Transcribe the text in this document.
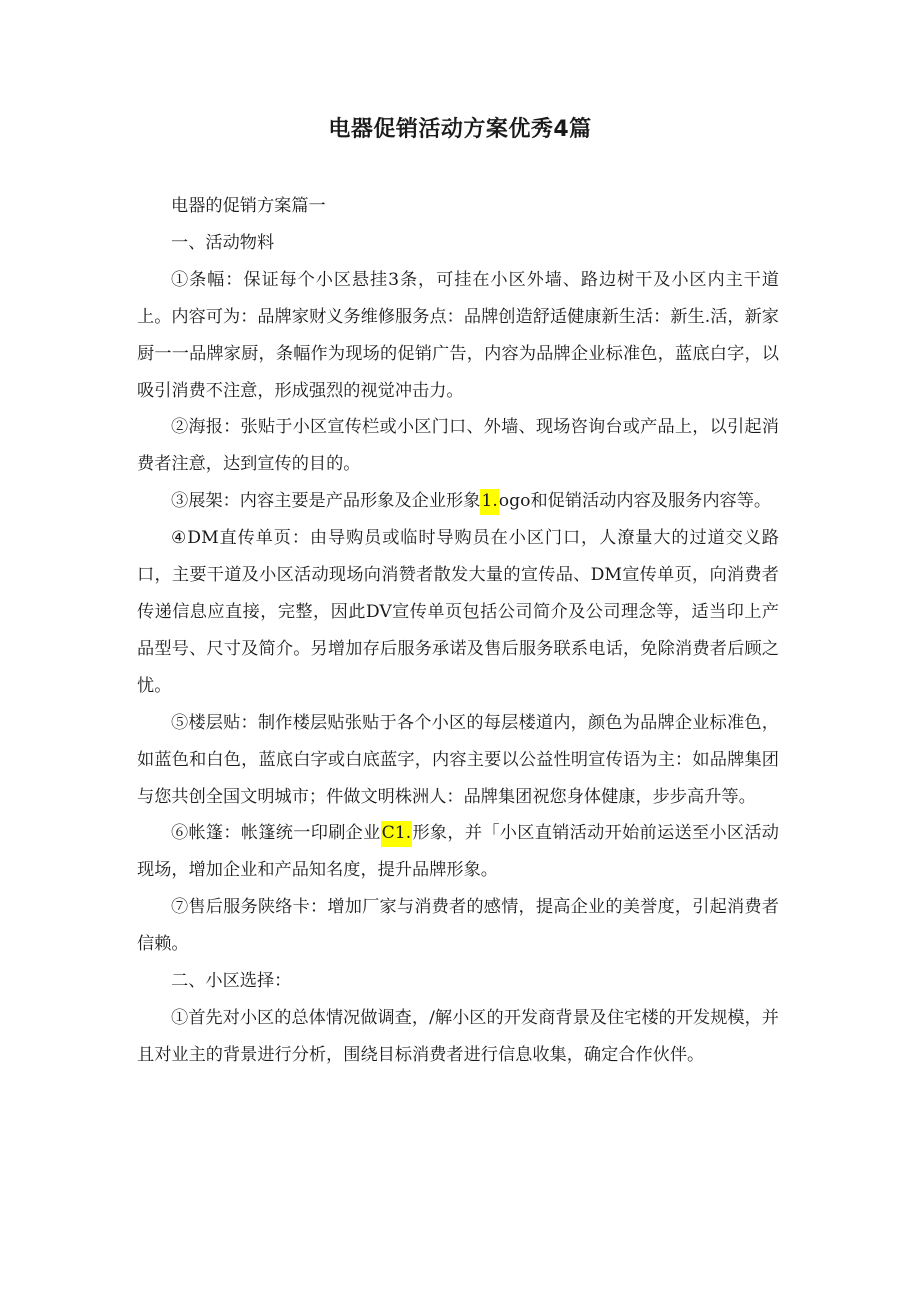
电器促销活动方案优秀4篇

电器的促销方案篇一

一、活动物料

①条幅：保证每个小区悬挂3条，可挂在小区外墙、路边树干及小区内主干道上。内容可为：品牌家财义务维修服务点：品牌创造舒适健康新生活：新生.活，新家厨一一品牌家厨，条幅作为现场的促销广告，内容为品牌企业标准色，蓝底白字，以吸引消费不注意，形成强烈的视觉冲击力。

②海报：张贴于小区宣传栏或小区门口、外墙、现场咨询台或产品上，以引起消费者注意，达到宣传的目的。

③展架：内容主要是产品形象及企业形象1.ogo和促销活动内容及服务内容等。

④DM直传单页：由导购员或临时导购员在小区门口，人潦量大的过道交义路口，主要干道及小区活动现场向消赞者散发大量的宣传品、DM宣传单页，向消费者传递信息应直接，完整，因此DV宣传单页包括公司简介及公司理念等，适当印上产品型号、尺寸及简介。另增加存后服务承诺及售后服务联系电话，免除消费者后顾之忧。

⑤楼层贴：制作楼层贴张贴于各个小区的每层楼道内，颜色为品牌企业标准色，如蓝色和白色，蓝底白字或白底蓝字，内容主要以公益性明宣传语为主：如品牌集团与您共创全国文明城市；件做文明株洲人：品牌集团祝您身体健康，步步高升等。

⑥帐篷：帐篷统一印刷企业C1.形象，并「小区直销活动开始前运送至小区活动现场，增加企业和产品知名度，提升品牌形象。

⑦售后服务陕络卡：增加厂家与消费者的感情，提高企业的美誉度，引起消费者信赖。

二、小区选择：

①首先对小区的总体情况做调查，/解小区的开发商背景及住宅楼的开发规模，并且对业主的背景进行分析，围绕目标消费者进行信息收集，确定合作伙伴。
